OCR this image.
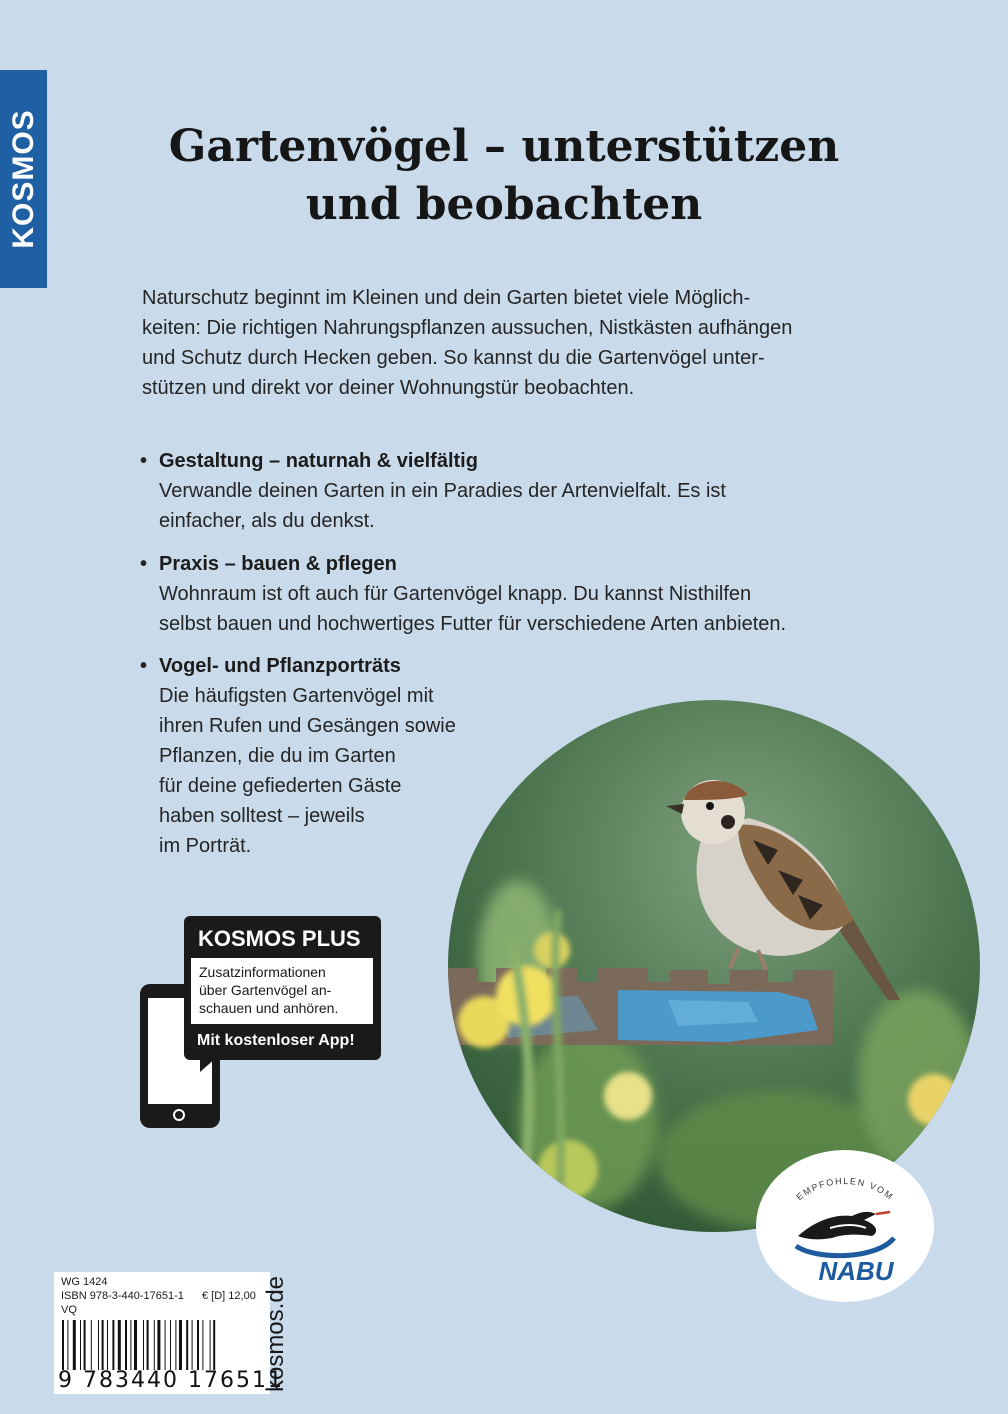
KOSMOS	Gartenvögel – unterstützen
und beobachten

Naturschutz beginnt im Kleinen und dein Garten bietet viele Möglich-
keiten: Die richtigen Nahrungspflanzen aussuchen, Nistkästen aufhängen
und Schutz durch Hecken geben. So kannst du die Gartenvögel unter-
stützen und direkt vor deiner Wohnungstür beobachten.

• Gestaltung – naturnah & vielfältig
Verwandle deinen Garten in ein Paradies der Artenvielfalt. Es ist
einfacher, als du denkst.
• Praxis – bauen & pflegen
Wohnraum ist oft auch für Gartenvögel knapp. Du kannst Nisthilfen
selbst bauen und hochwertiges Futter für verschiedene Arten anbieten.
• Vogel- und Pflanzporträts
Die häufigsten Gartenvögel mit
ihren Rufen und Gesängen sowie
Pflanzen, die du im Garten
für deine gefiederten Gäste
haben solltest – jeweils
im Porträt.
KOSMOS PLUS
Zusatzinformationen
über Gartenvögel an-
schauen und anhören.
Mit kostenloser App!
EMPFOHLEN VOM
NABU
WG 1424
ISBN 978-3-440-17651-1 € [D] 12,00
VQ
9 783440 176511
kosmos.de
